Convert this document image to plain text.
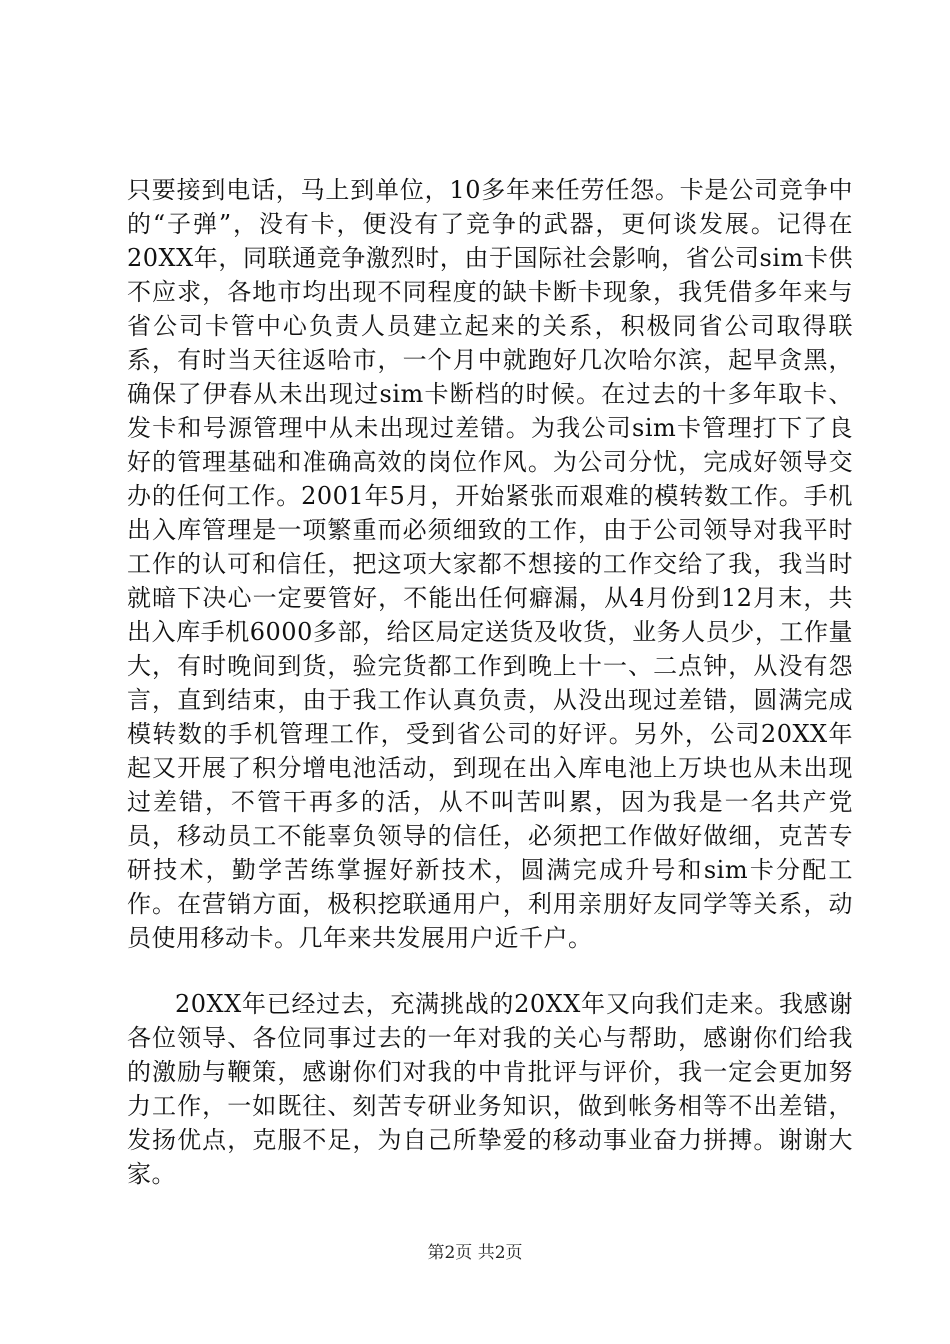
只要接到电话，马上到单位，10多年来任劳任怨。卡是公司竞争中的“子弹”，没有卡，便没有了竞争的武器，更何谈发展。记得在20XX年，同联通竞争激烈时，由于国际社会影响，省公司sim卡供不应求，各地市均出现不同程度的缺卡断卡现象，我凭借多年来与省公司卡管中心负责人员建立起来的关系，积极同省公司取得联系，有时当天往返哈市，一个月中就跑好几次哈尔滨，起早贪黑，确保了伊春从未出现过sim卡断档的时候。在过去的十多年取卡、发卡和号源管理中从未出现过差错。为我公司sim卡管理打下了良好的管理基础和准确高效的岗位作风。为公司分忧，完成好领导交办的任何工作。2001年5月，开始紧张而艰难的模转数工作。手机出入库管理是一项繁重而必须细致的工作，由于公司领导对我平时工作的认可和信任，把这项大家都不想接的工作交给了我，我当时就暗下决心一定要管好，不能出任何癖漏，从4月份到12月末，共出入库手机6000多部，给区局定送货及收货，业务人员少，工作量大，有时晚间到货，验完货都工作到晚上十一、二点钟，从没有怨言，直到结束，由于我工作认真负责，从没出现过差错，圆满完成模转数的手机管理工作，受到省公司的好评。另外，公司20XX年起又开展了积分增电池活动，到现在出入库电池上万块也从未出现过差错，不管干再多的活，从不叫苦叫累，因为我是一名共产党员，移动员工不能辜负领导的信任，必须把工作做好做细，克苦专研技术，勤学苦练掌握好新技术，圆满完成升号和sim卡分配工作。在营销方面，极积挖联通用户，利用亲朋好友同学等关系，动员使用移动卡。几年来共发展用户近千户。

20XX年已经过去，充满挑战的20XX年又向我们走来。我感谢各位领导、各位同事过去的一年对我的关心与帮助，感谢你们给我的激励与鞭策，感谢你们对我的中肯批评与评价，我一定会更加努力工作，一如既往、刻苦专研业务知识，做到帐务相等不出差错，发扬优点，克服不足，为自己所挚爱的移动事业奋力拼搏。谢谢大家。

第2页 共2页
